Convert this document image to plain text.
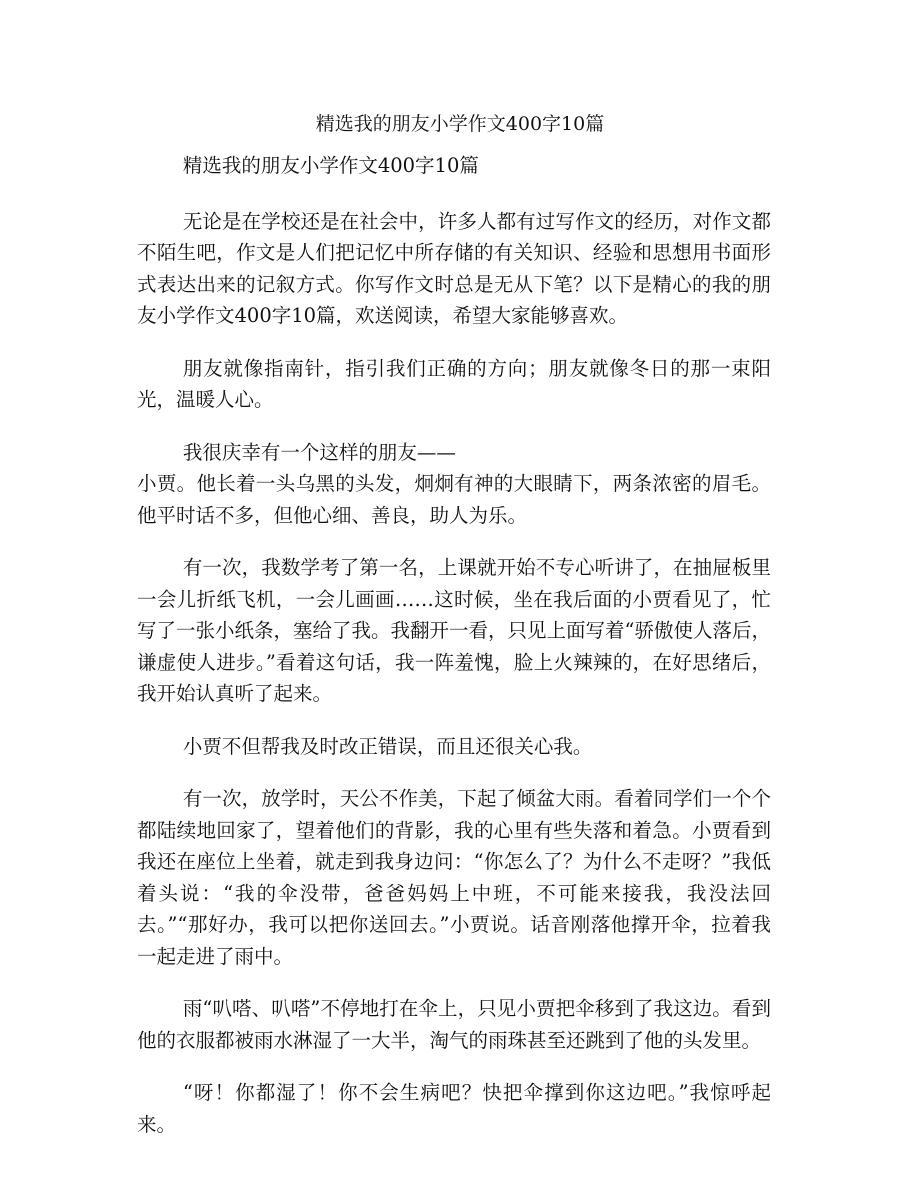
精选我的朋友小学作文400字10篇

精选我的朋友小学作文400字10篇

无论是在学校还是在社会中，许多人都有过写作文的经历，对作文都不陌生吧，作文是人们把记忆中所存储的有关知识、经验和思想用书面形式表达出来的记叙方式。你写作文时总是无从下笔？以下是精心的我的朋友小学作文400字10篇，欢送阅读，希望大家能够喜欢。

朋友就像指南针，指引我们正确的方向；朋友就像冬日的那一束阳光，温暖人心。

我很庆幸有一个这样的朋友——

小贾。他长着一头乌黑的头发，炯炯有神的大眼睛下，两条浓密的眉毛。他平时话不多，但他心细、善良，助人为乐。

有一次，我数学考了第一名，上课就开始不专心听讲了，在抽屉板里一会儿折纸飞机，一会儿画画……这时候，坐在我后面的小贾看见了，忙写了一张小纸条，塞给了我。我翻开一看，只见上面写着“骄傲使人落后，谦虚使人进步。”看着这句话，我一阵羞愧，脸上火辣辣的，在好思绪后，我开始认真听了起来。

小贾不但帮我及时改正错误，而且还很关心我。

有一次，放学时，天公不作美，下起了倾盆大雨。看着同学们一个个都陆续地回家了，望着他们的背影，我的心里有些失落和着急。小贾看到我还在座位上坐着，就走到我身边问：“你怎么了？为什么不走呀？”我低着头说：“我的伞没带，爸爸妈妈上中班，不可能来接我，我没法回去。”“那好办，我可以把你送回去。”小贾说。话音刚落他撑开伞，拉着我一起走进了雨中。

雨“叭嗒、叭嗒”不停地打在伞上，只见小贾把伞移到了我这边。看到他的衣服都被雨水淋湿了一大半，淘气的雨珠甚至还跳到了他的头发里。

“呀！你都湿了！你不会生病吧？快把伞撑到你这边吧。”我惊呼起来。
